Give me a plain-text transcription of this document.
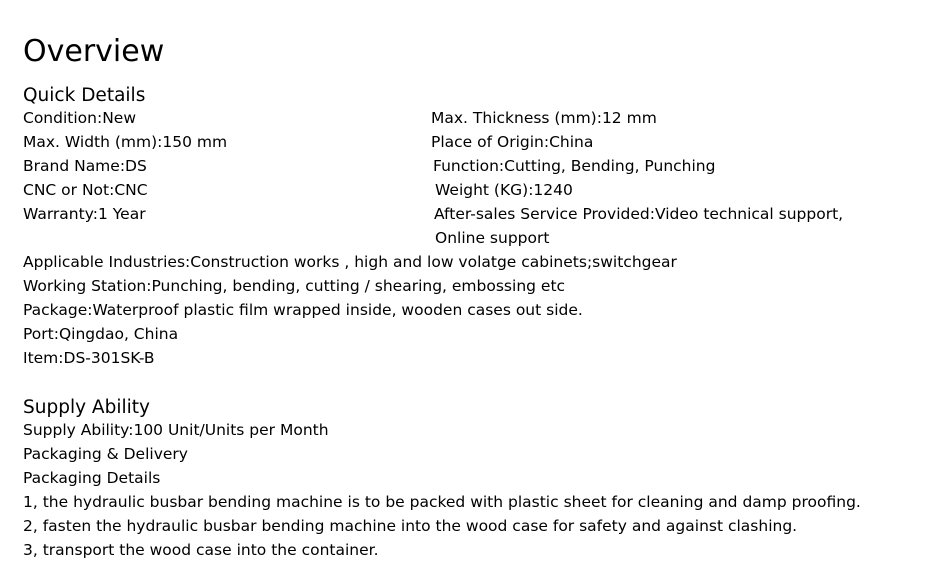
Overview
Quick Details
Condition:New
Max. Width (mm):150 mm
Brand Name:DS
CNC or Not:CNC
Warranty:1 Year
Max. Thickness (mm):12 mm
Place of Origin:China
Function:Cutting, Bending, Punching
Weight (KG):1240
After-sales Service Provided:Video technical support,
Online support
Applicable Industries:Construction works , high and low volatge cabinets;switchgear
Working Station:Punching, bending, cutting / shearing, embossing etc
Package:Waterproof plastic film wrapped inside, wooden cases out side.
Port:Qingdao, China
Item:DS-301SK-B
Supply Ability
Supply Ability:100 Unit/Units per Month
Packaging & Delivery
Packaging Details
1, the hydraulic busbar bending machine is to be packed with plastic sheet for cleaning and damp proofing.
2, fasten the hydraulic busbar bending machine into the wood case for safety and against clashing.
3, transport the wood case into the container.
